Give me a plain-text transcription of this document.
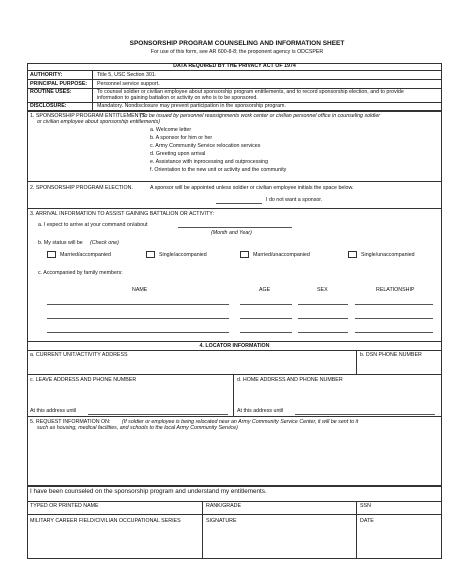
SPONSORSHIP PROGRAM COUNSELING AND INFORMATION SHEET
For use of this form, see AR 600-8-8; the proponent agency is ODCSPER
DATA REQUIRED BY THE PRIVACY ACT OF 1974
AUTHORITY:	Title 5, USC Section 301.
PRINCIPAL PURPOSE: Personnel service support.
ROUTINE USES:	To counsel soldier or civilian employee about sponsorship program entitlements, and to record sponsorship election, and to provide
information to gaining battalion or activity on who is to be sponsored.
DISCLOSURE:	Mandatory. Nondisclosure may prevent participation in the sponsorship program.
1. SPONSORSHIP PROGRAM ENTITLEMENTS.
(To be issued by personnel reassignments work center or civilian personnel office in counseling soldier
or civilian employee about sponsorship entitlements)
a. Welcome letter
b. A sponsor for him or her
c. Army Community Service relocation services
d. Greeting upon arrival
e. Assistance with inprocessing and outprocessing
f. Orientation to the new unit or activity and the community
2. SPONSORSHIP PROGRAM ELECTION.	A sponsor will be appointed unless soldier or civilian employee initials the space below.
I do not want a sponsor.
3. ARRIVAL INFORMATION TO ASSIST GAINING BATTALION OR ACTIVITY:
a. I expect to arrive at your command on/about
(Month and Year)
b. My status will be (Check one)
Married/accompanied	Single/accompanied	Married/unaccompanied	Single/unaccompanied
c. Accompanied by family members:
NAME	AGE	SEX	RELATIONSHIP
4. LOCATOR INFORMATION
a. CURRENT UNIT/ACTIVITY ADDRESS	b. DSN PHONE NUMBER
c. LEAVE ADDRESS AND PHONE NUMBER	d. HOME ADDRESS AND PHONE NUMBER
At this address until	At this address until
5. REQUEST INFORMATION ON: (If soldier or employee is being relocated near an Army Community Service Center, it will be sent to it
such as housing, medical facilities, and schools to the local Army Community Service)
I have been counseled on the sponsorship program and understand my entitlements.
TYPED OR PRINTED NAME	RANK/GRADE	SSN
MILITARY CAREER FIELD/CIVILIAN OCCUPATIONAL SERIES	SIGNATURE	DATE
